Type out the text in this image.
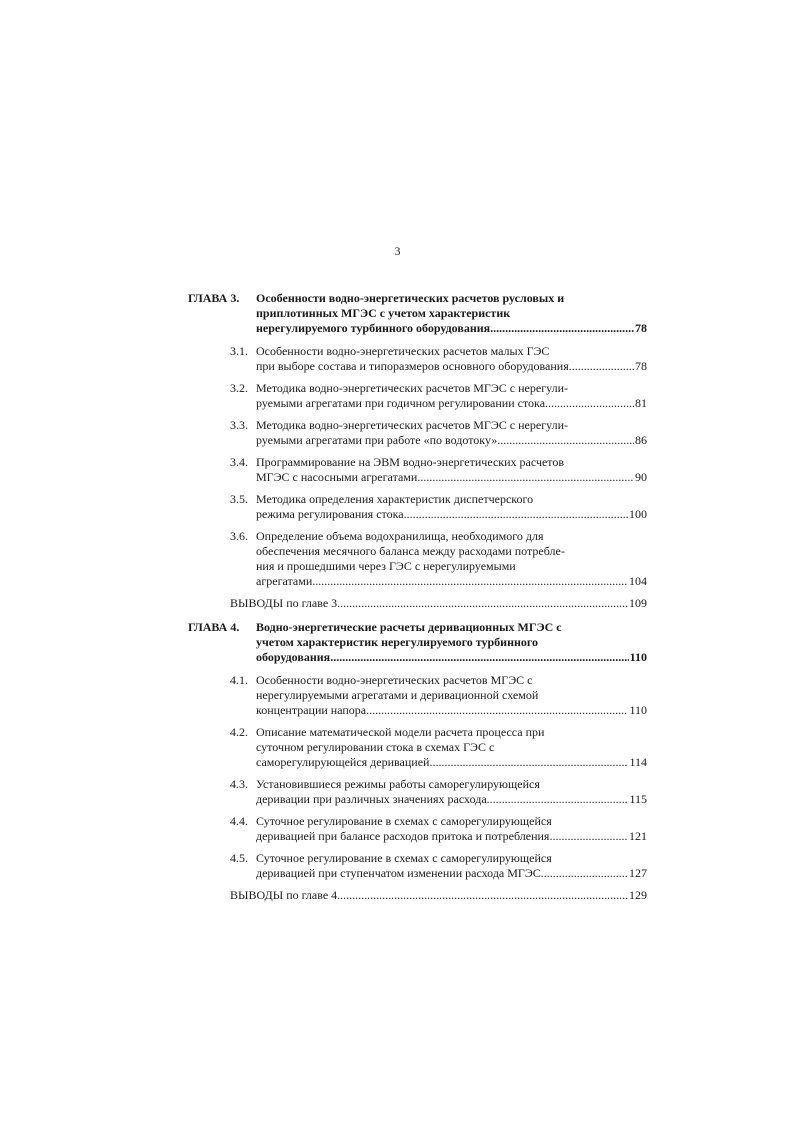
3
ГЛАВА 3.	Особенности водно-энергетических расчетов русловых и
приплотинных МГЭС с учетом характеристик
нерегулируемого турбинного оборудования .....	78
3.1. Особенности водно-энергетических расчетов малых ГЭС
при выборе состава и типоразмеров основного оборудования .....	78
3.2. Методика водно-энергетических расчетов МГЭС с нерегули-
руемыми агрегатами при годичном регулировании стока .....	81
3.3. Методика водно-энергетических расчетов МГЭС с нерегули-
руемыми агрегатами при работе «по водотоку» .....	86
3.4. Программирование на ЭВМ водно-энергетических расчетов
МГЭС с насосными агрегатами .....	90
3.5. Методика определения характеристик диспетчерского
режима регулирования стока .....	100
3.6. Определение объема водохранилища, необходимого для
обеспечения месячного баланса между расходами потребле-
ния и прошедшими через ГЭС с нерегулируемыми
агрегатами .....	104
ВЫВОДЫ по главе 3 .....	109
ГЛАВА 4.	Водно-энергетические расчеты деривационных МГЭС с
учетом характеристик нерегулируемого турбинного
оборудования .....	110
4.1. Особенности водно-энергетических расчетов МГЭС с
нерегулируемыми агрегатами и деривационной схемой
концентрации напора .....	110
4.2. Описание математической модели расчета процесса при
суточном регулировании стока в схемах ГЭС с
саморегулирующейся деривацией .....	114
4.3. Установившиеся режимы работы саморегулирующейся
деривации при различных значениях расхода .....	115
4.4. Суточное регулирование в схемах с саморегулирующейся
деривацией при балансе расходов притока и потребления .....	121
4.5. Суточное регулирование в схемах с саморегулирующейся
деривацией при ступенчатом изменении расхода МГЭС .....	127
ВЫВОДЫ по главе 4 .....	129
